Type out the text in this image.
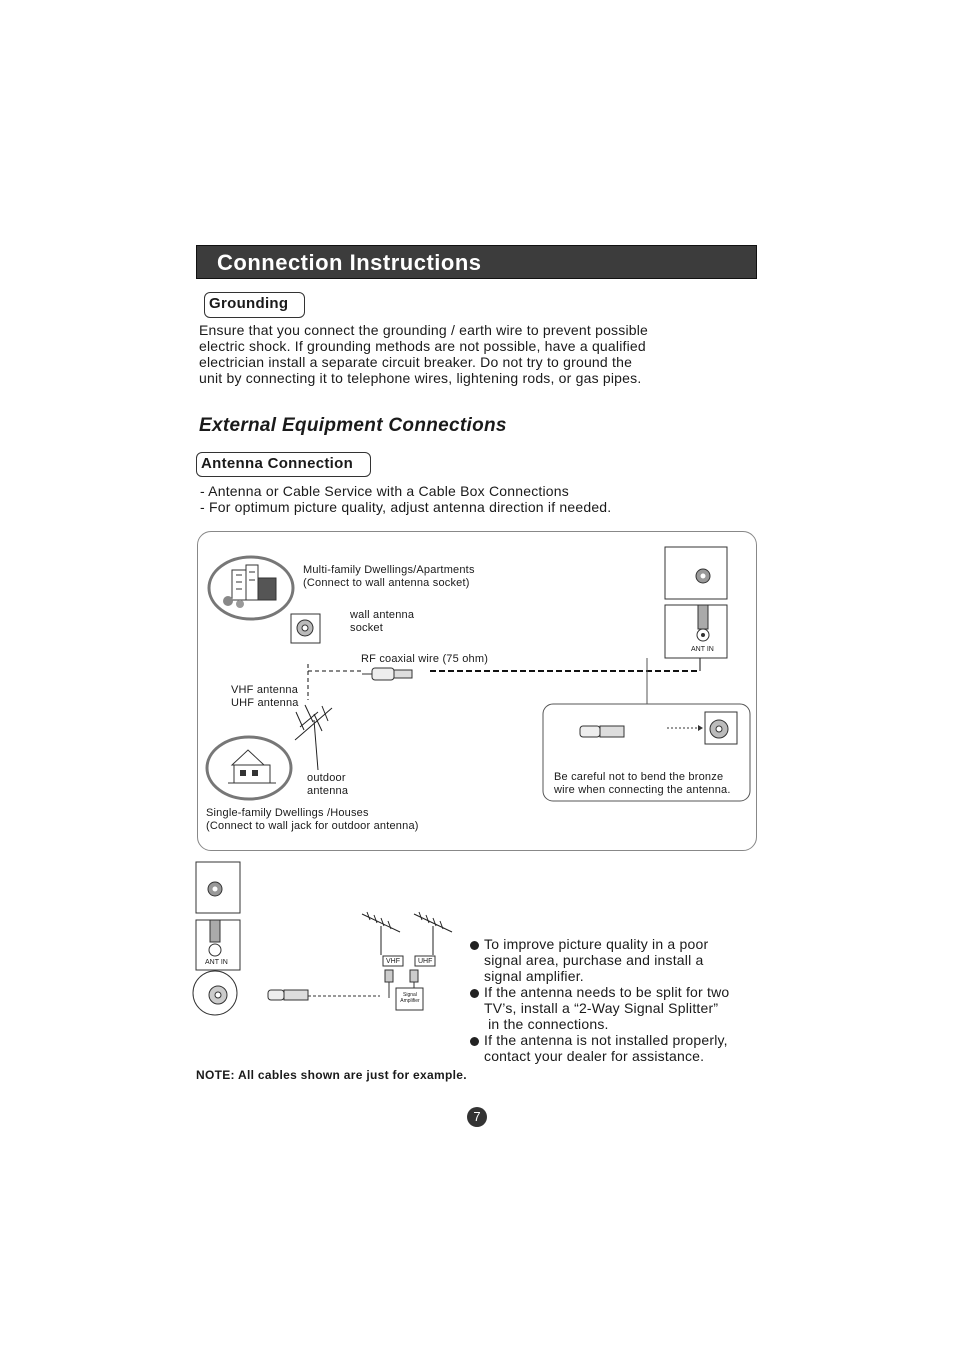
Connection Instructions
Grounding
Ensure that you connect the grounding / earth wire to prevent possible
electric shock. If grounding methods are not possible, have a qualified
electrician install a separate circuit breaker. Do not try to ground the
unit by connecting it to telephone wires, lightening rods, or gas pipes.
External Equipment Connections
Antenna Connection
- Antenna or Cable Service with a Cable Box Connections
- For optimum picture quality, adjust antenna direction if needed.
Multi-family Dwellings/Apartments
(Connect to wall antenna socket)
wall antenna
socket
RF coaxial wire (75 ohm)
VHF antenna
UHF antenna
outdoor
antenna
Single-family Dwellings /Houses
(Connect to wall jack for outdoor antenna)
Be careful not to bend the bronze
wire when connecting the antenna.
ANT IN
ANT IN	VHF	UHF
Signal
Amplifier
To improve picture quality in a poor
signal area, purchase and install a
signal amplifier.
If the antenna needs to be split for two
TV’s, install a “2-Way Signal Splitter”
in the connections.
If the antenna is not installed properly,
contact your dealer for assistance.
NOTE: All cables shown are just for example.
7
